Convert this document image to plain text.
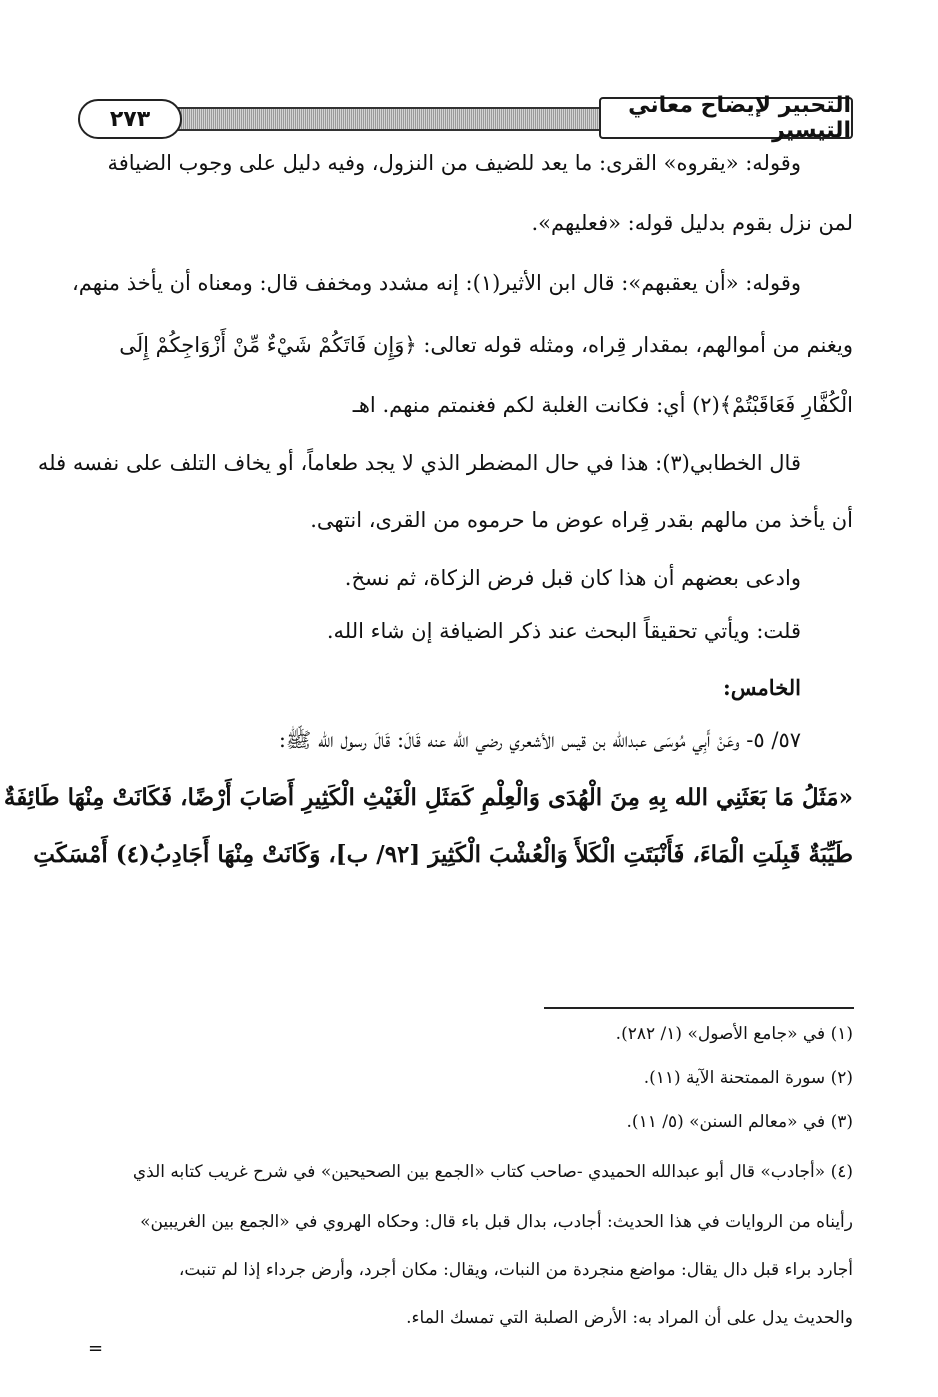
٢٧٣
التحبير لإيضاح معاني التيسير
وقوله: «يقروه» القرى: ما يعد للضيف من النزول، وفيه دليل على وجوب الضيافة
لمن نزل بقوم بدليل قوله: «فعليهم».
وقوله: «أن يعقبهم»: قال ابن الأثير(١): إنه مشدد ومخفف قال: ومعناه أن يأخذ منهم،
ويغنم من أموالهم، بمقدار قِراه، ومثله قوله تعالى: ﴿وَإِن فَاتَكُمْ شَيْءٌ مِّنْ أَزْوَاجِكُمْ إِلَى
الْكُفَّارِ فَعَاقَبْتُمْ﴾(٢) أي: فكانت الغلبة لكم فغنمتم منهم. اهـ
قال الخطابي(٣): هذا في حال المضطر الذي لا يجد طعاماً، أو يخاف التلف على نفسه فله
أن يأخذ من مالهم بقدر قِراه عوض ما حرموه من القرى، انتهى.
وادعى بعضهم أن هذا كان قبل فرض الزكاة، ثم نسخ.
قلت: ويأتي تحقيقاً البحث عند ذكر الضيافة إن شاء الله.
الخامس:
٥٧/ ٥- وعَنْ أَبِي مُوسَى عبدالله بن قيس الأشعري رضي الله عنه قَالَ: قَالَ رسول الله ﷺ:
«مَثَلُ مَا بَعَثَنِي الله بِهِ مِنَ الْهُدَى وَالْعِلْمِ كَمَثَلِ الْغَيْثِ الْكَثِيرِ أَصَابَ أَرْضًا، فَكَانَتْ مِنْهَا طَائِفَةٌ
طَيِّبَةٌ قَبِلَتِ الْمَاءَ، فَأَنْبَتَتِ الْكَلأَ وَالْعُشْبَ الْكَثِيرَ [٩٢/ ب]، وَكَانَتْ مِنْهَا أَجَادِبُ(٤) أَمْسَكَتِ
(١) في «جامع الأصول» (١/ ٢٨٢).
(٢) سورة الممتحنة الآية (١١).
(٣) في «معالم السنن» (٥/ ١١).
(٤) «أجادب» قال أبو عبدالله الحميدي -صاحب كتاب «الجمع بين الصحيحين» في شرح غريب كتابه الذي
رأيناه من الروايات في هذا الحديث: أجادب، بدال قبل باء قال: وحكاه الهروي في «الجمع بين الغريبين»
أجارد براء قبل دال يقال: مواضع منجردة من النبات، ويقال: مكان أجرد، وأرض جرداء إذا لم تنبت،
والحديث يدل على أن المراد به: الأرض الصلبة التي تمسك الماء.
=
